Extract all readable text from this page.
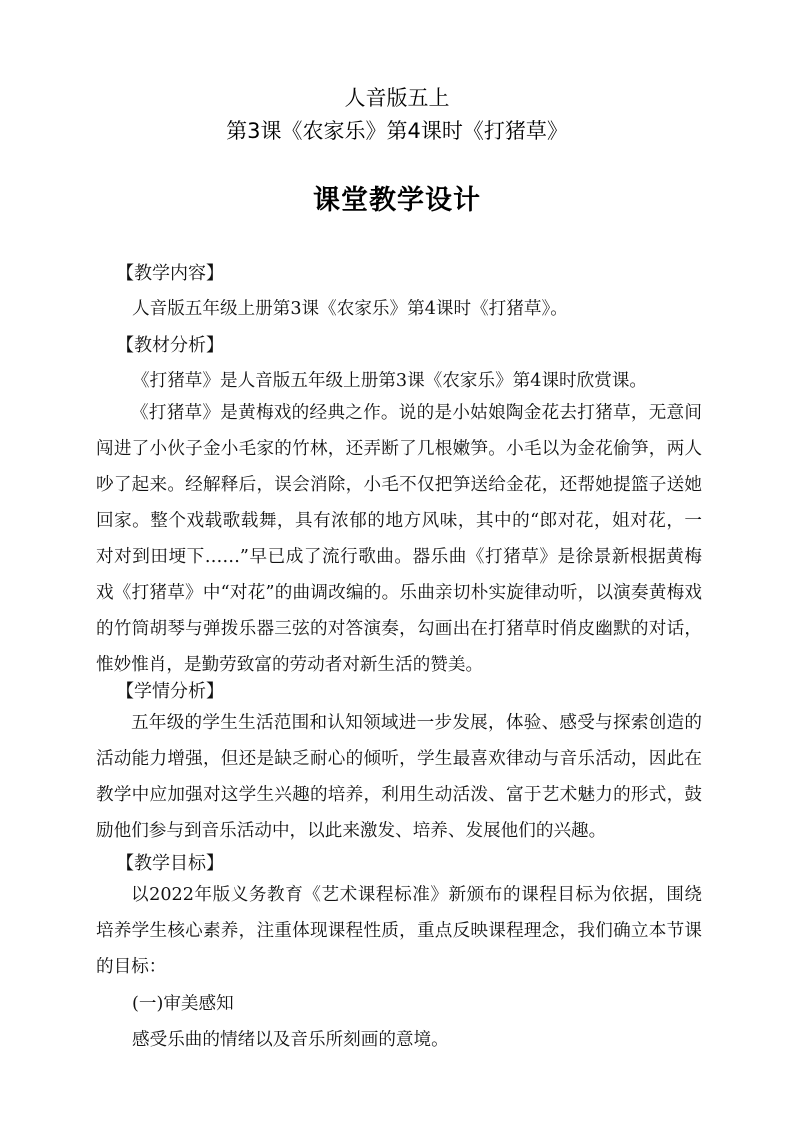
人音版五上
第3课《农家乐》第4课时《打猪草》
课堂教学设计
【教学内容】
人音版五年级上册第3课《农家乐》第4课时《打猪草》。
【教材分析】
《打猪草》是人音版五年级上册第3课《农家乐》第4课时欣赏课。
《打猪草》是黄梅戏的经典之作。说的是小姑娘陶金花去打猪草，无意间闯进了小伙子金小毛家的竹林，还弄断了几根嫩笋。小毛以为金花偷笋，两人吵了起来。经解释后，误会消除，小毛不仅把笋送给金花，还帮她提篮子送她回家。整个戏载歌载舞，具有浓郁的地方风味，其中的“郎对花，姐对花，一对对到田埂下……”早已成了流行歌曲。器乐曲《打猪草》是徐景新根据黄梅戏《打猪草》中“对花”的曲调改编的。乐曲亲切朴实旋律动听，以演奏黄梅戏的竹筒胡琴与弹拨乐器三弦的对答演奏，勾画出在打猪草时俏皮幽默的对话，惟妙惟肖，是勤劳致富的劳动者对新生活的赞美。
【学情分析】
五年级的学生生活范围和认知领域进一步发展，体验、感受与探索创造的活动能力增强，但还是缺乏耐心的倾听，学生最喜欢律动与音乐活动，因此在教学中应加强对这学生兴趣的培养，利用生动活泼、富于艺术魅力的形式，鼓励他们参与到音乐活动中，以此来激发、培养、发展他们的兴趣。
【教学目标】
以2022年版义务教育《艺术课程标准》新颁布的课程目标为依据，围绕培养学生核心素养，注重体现课程性质，重点反映课程理念，我们确立本节课的目标：
(一)审美感知
感受乐曲的情绪以及音乐所刻画的意境。
